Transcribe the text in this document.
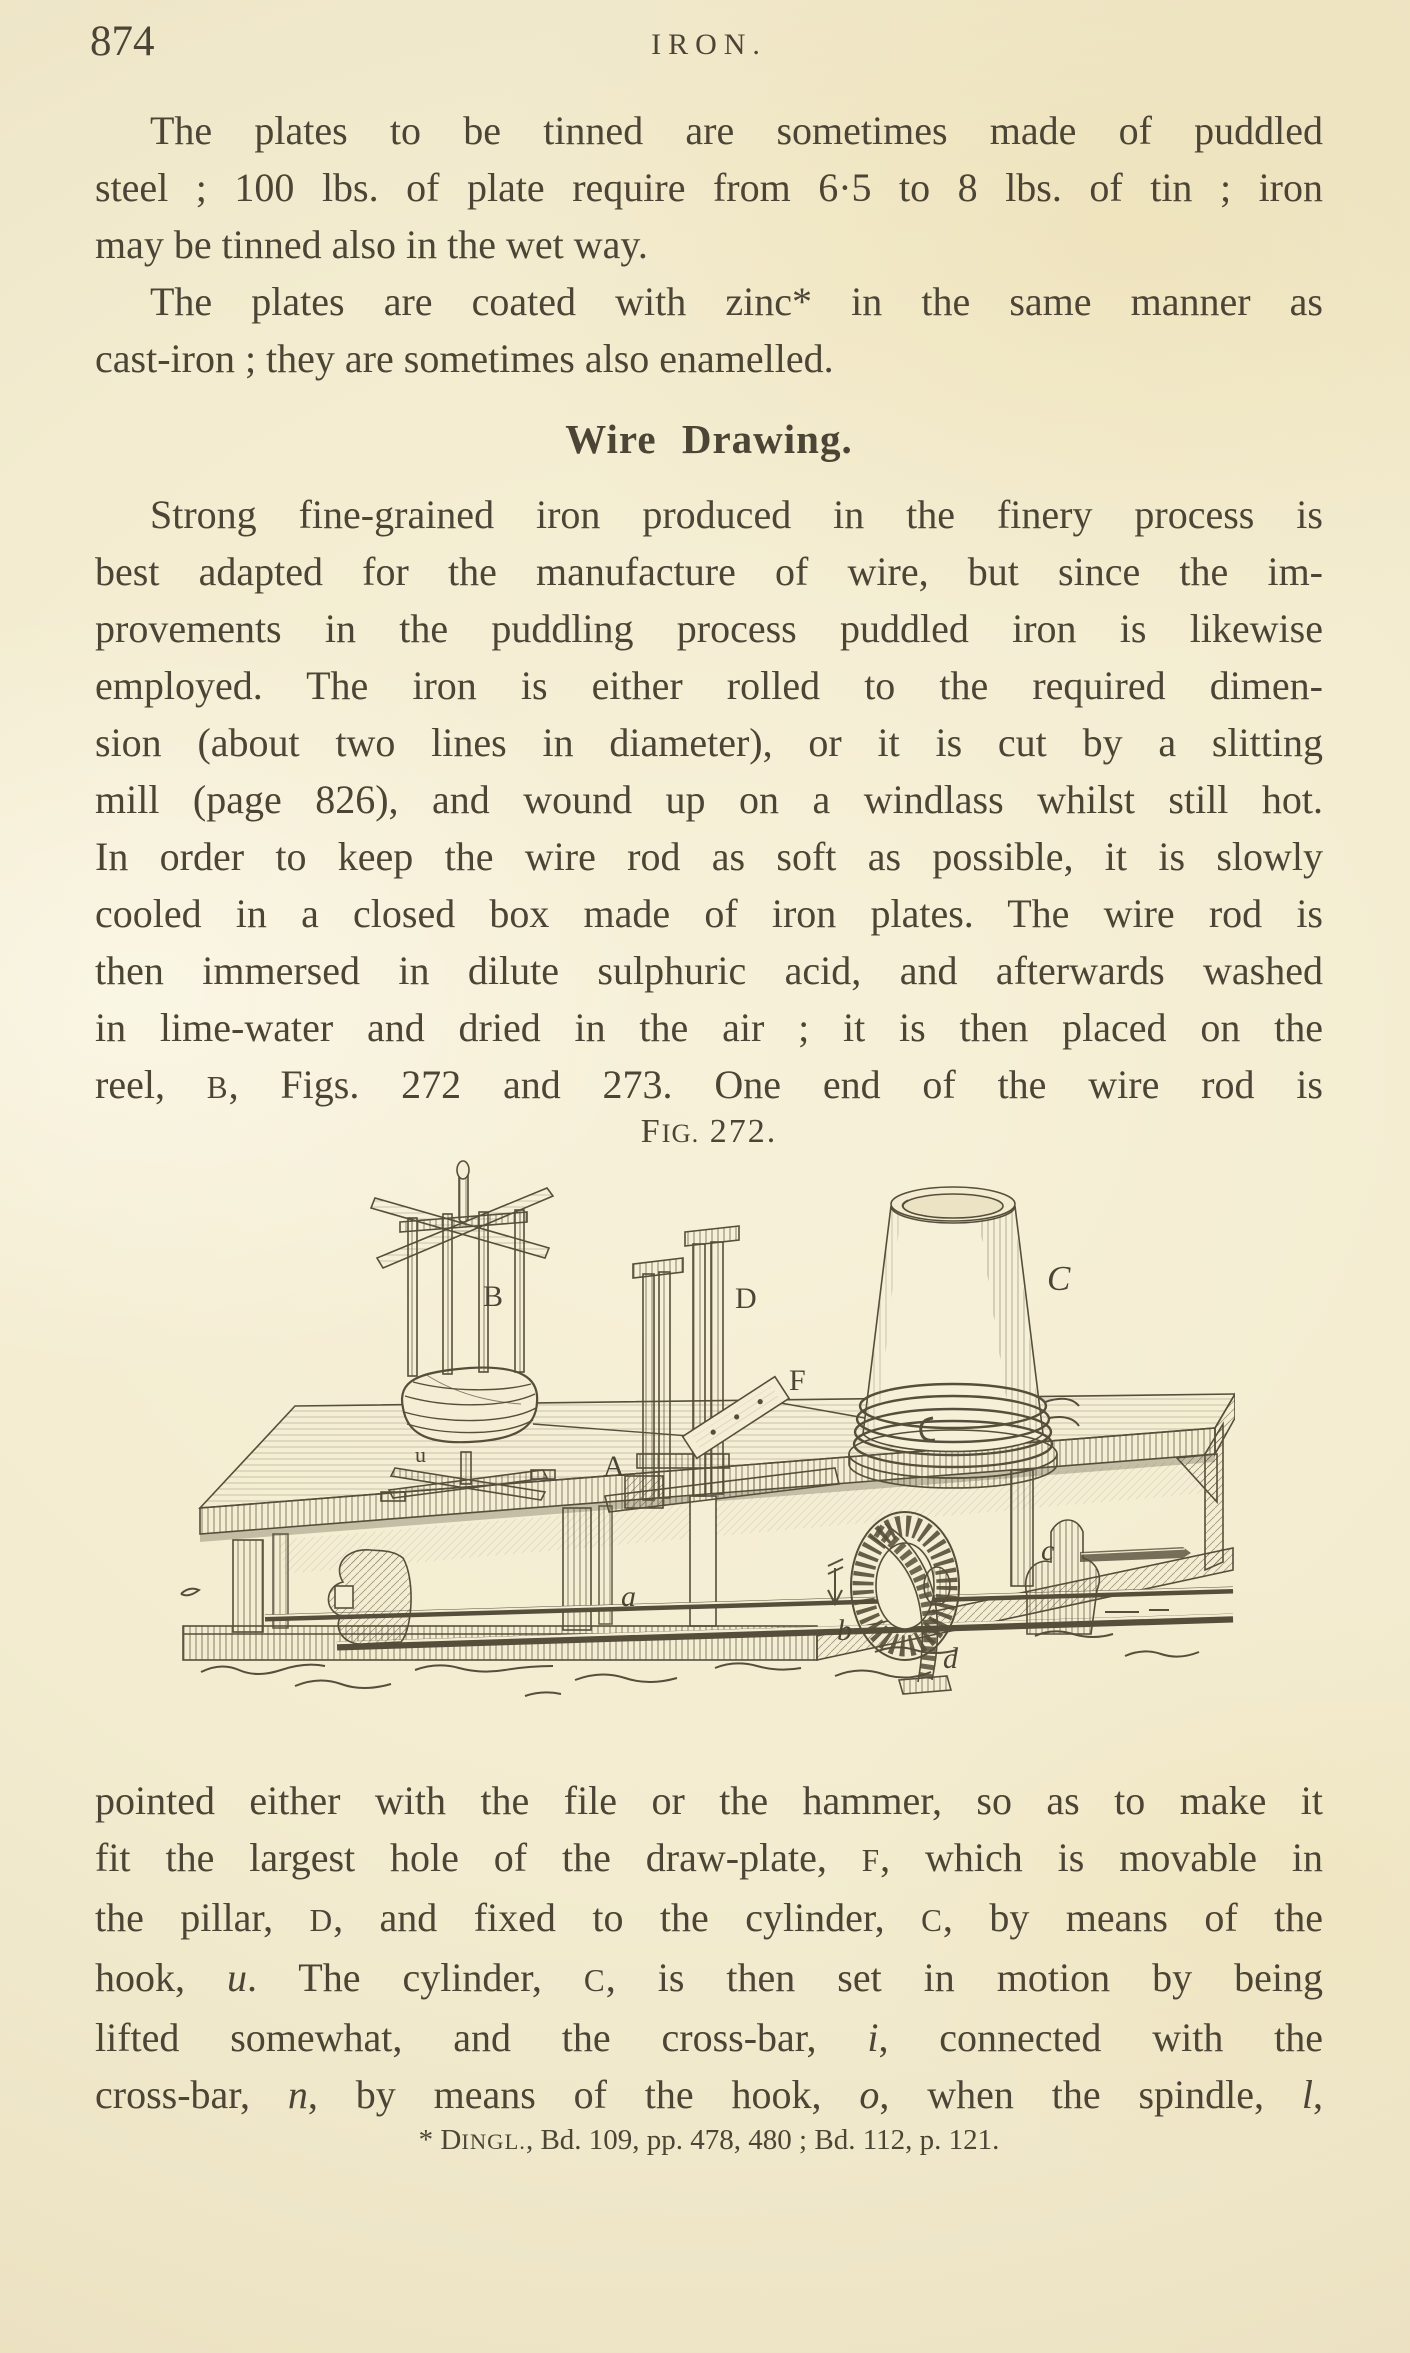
874	IRON.
The plates to be tinned are sometimes made of puddled
steel ; 100 lbs. of plate require from 6·5 to 8 lbs. of tin ; iron
may be tinned also in the wet way.
The plates are coated with zinc* in the same manner as
cast-iron ; they are sometimes also enamelled.
Wire Drawing.
Strong fine-grained iron produced in the finery process is
best adapted for the manufacture of wire, but since the im-
provements in the puddling process puddled iron is likewise
employed. The iron is either rolled to the required dimen-
sion (about two lines in diameter), or it is cut by a slitting
mill (page 826), and wound up on a windlass whilst still hot.
In order to keep the wire rod as soft as possible, it is slowly
cooled in a closed box made of iron plates. The wire rod is
then immersed in dilute sulphuric acid, and afterwards washed
in lime-water and dried in the air ; it is then placed on the
reel, B, Figs. 272 and 273. One end of the wire rod is
FIG. 272.
B	D
F
A
C
u
a
b
c
d
pointed either with the file or the hammer, so as to make it
fit the largest hole of the draw-plate, F, which is movable in
the pillar, D, and fixed to the cylinder, C, by means of the
hook, u. The cylinder, C, is then set in motion by being
lifted somewhat, and the cross-bar, i, connected with the
cross-bar, n, by means of the hook, o, when the spindle, l,
* DINGL., Bd. 109, pp. 478, 480 ; Bd. 112, p. 121.
